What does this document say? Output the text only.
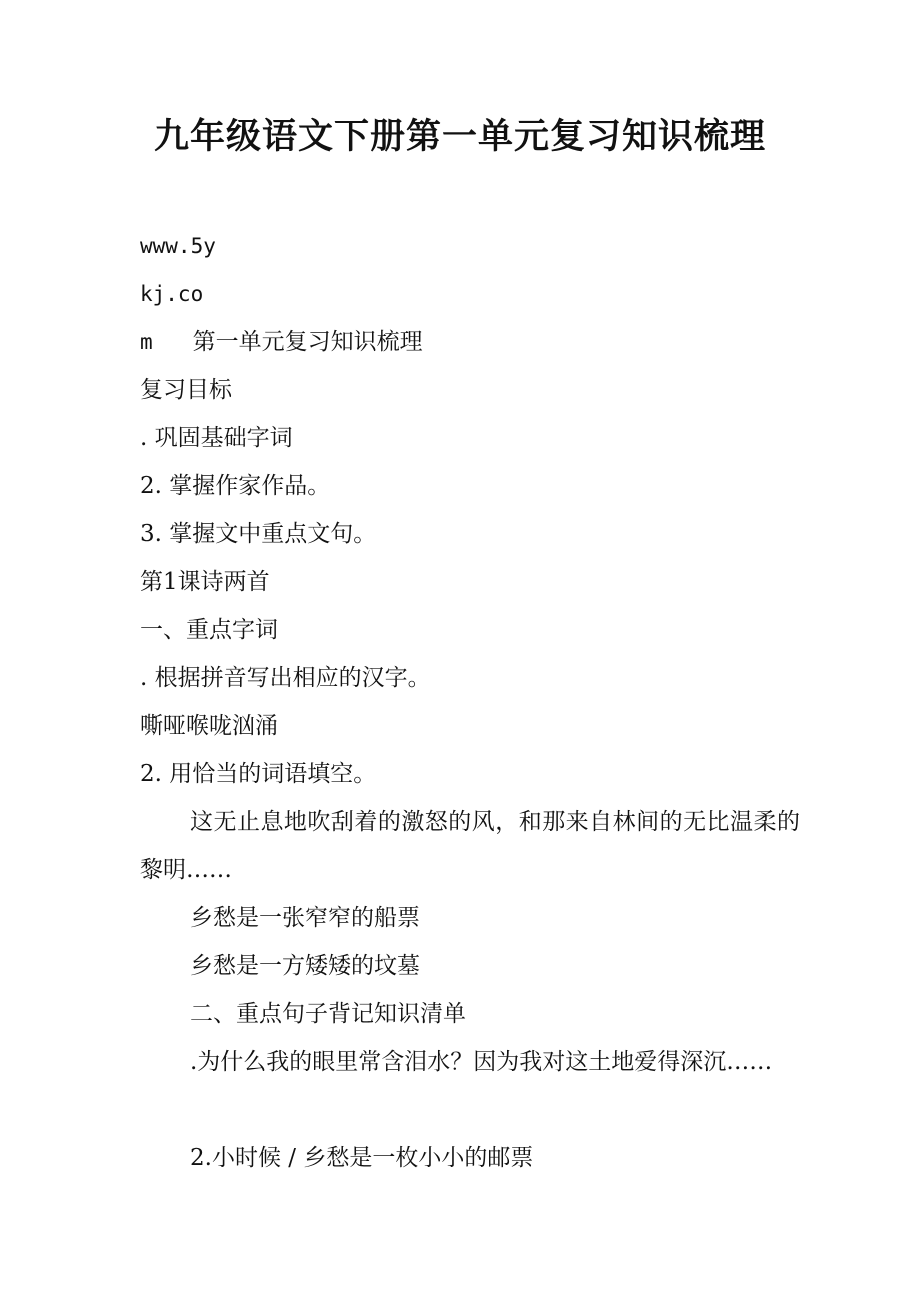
九年级语文下册第一单元复习知识梳理

www.5y

kj.co

m 第一单元复习知识梳理

复习目标

. 巩固基础字词

2. 掌握作家作品。

3. 掌握文中重点文句。

第1课诗两首

一、重点字词

. 根据拼音写出相应的汉字。

嘶哑喉咙汹涌

2. 用恰当的词语填空。

这无止息地吹刮着的激怒的风，和那来自林间的无比温柔的黎明……

乡愁是一张窄窄的船票

乡愁是一方矮矮的坟墓

二、重点句子背记知识清单

.为什么我的眼里常含泪水？因为我对这土地爱得深沉……

2.小时候 / 乡愁是一枚小小的邮票
